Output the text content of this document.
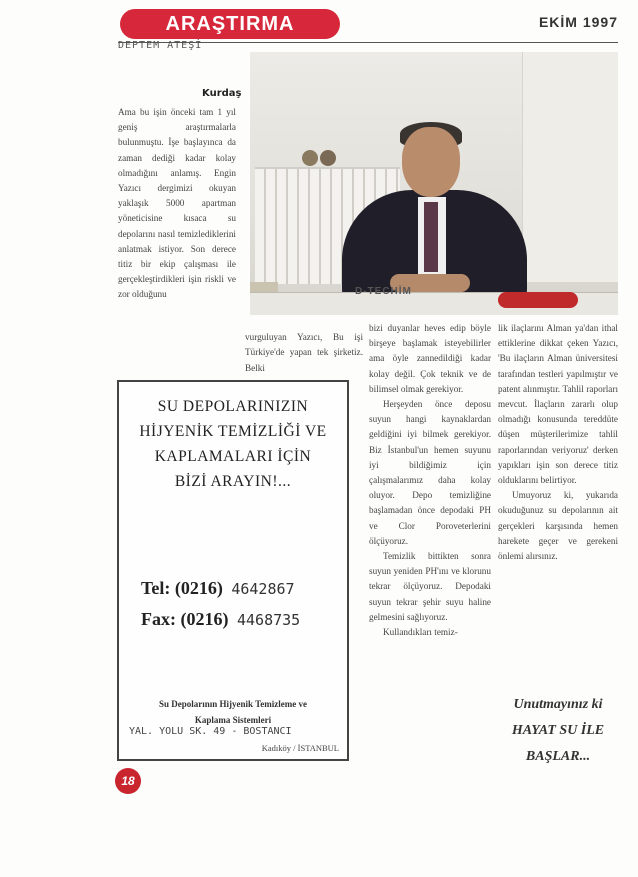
ARAŞTIRMA	EKİM 1997
DEPTEM ATEŞİ
Kurdaş
D-TECHİM

Ama bu işin önceki tam 1 yıl geniş araştırmalarla bulunmuştu. İşe başlayınca da zaman dediği kadar kolay olmadığını anlamış. Engin Yazıcı dergimizi okuyan yaklaşık 5000 apartman yöneticisine kısaca su depolarını nasıl temizlediklerini anlatmak istiyor. Son derece titiz bir ekip çalışması ile gerçekleştirdikleri işin riskli ve zor olduğunu

vurguluyan Yazıcı, Bu işi Türkiye'de yapan tek şirketiz. Belki

bizi duyanlar heves edip böyle birşeye başlamak isteyebilirler ama öyle zannedildiği kadar kolay değil. Çok teknik ve de bilimsel olmak gerekiyor.

Herşeyden önce deposu suyun hangi kaynaklardan geldiğini iyi bilmek gerekiyor. Biz İstanbul'un hemen suyunu iyi bildiğimiz için çalışmalarımız daha kolay oluyor. Depo temizliğine başlamadan önce depodaki PH ve Clor Poroveterlerini ölçüyoruz.

Temizlik bittikten sonra suyun yeniden PH'ını ve klorunu tekrar ölçüyoruz. Depodaki suyun tekrar şehir suyu haline gelmesini sağlıyoruz.

Kullandıkları temiz-

lik ilaçlarını Alman ya'dan ithal ettiklerine dikkat çeken Yazıcı, 'Bu ilaçların Alman üniversitesi tarafından testleri yapılmıştır ve patent alınmıştır. Tahlil raporları mevcut. İlaçların zararlı olup olmadığı konusunda tereddüte düşen müşterilerimize tahlil raporlarından veriyoruz' derken yapıkları işin son derece titiz olduklarını belirtiyor.

Umuyoruz ki, yukarıda okuduğunuz su depolarının ait gerçekleri karşısında hemen harekete geçer ve gerekeni önlemi alırsınız.

Unutmayınız ki
HAYAT SU İLE
BAŞLAR...
SU DEPOLARINIZIN
HİJYENİK TEMİZLİĞİ VE
KAPLAMALARI İÇİN
BİZİ ARAYIN!...
Tel: (0216) 4642867
Fax: (0216) 4468735
Su Depolarının Hijyenik Temizleme ve
Kaplama Sistemleri
YAL. YOLU SK. 49 - BOSTANCI
Kadıköy / İSTANBUL
18
